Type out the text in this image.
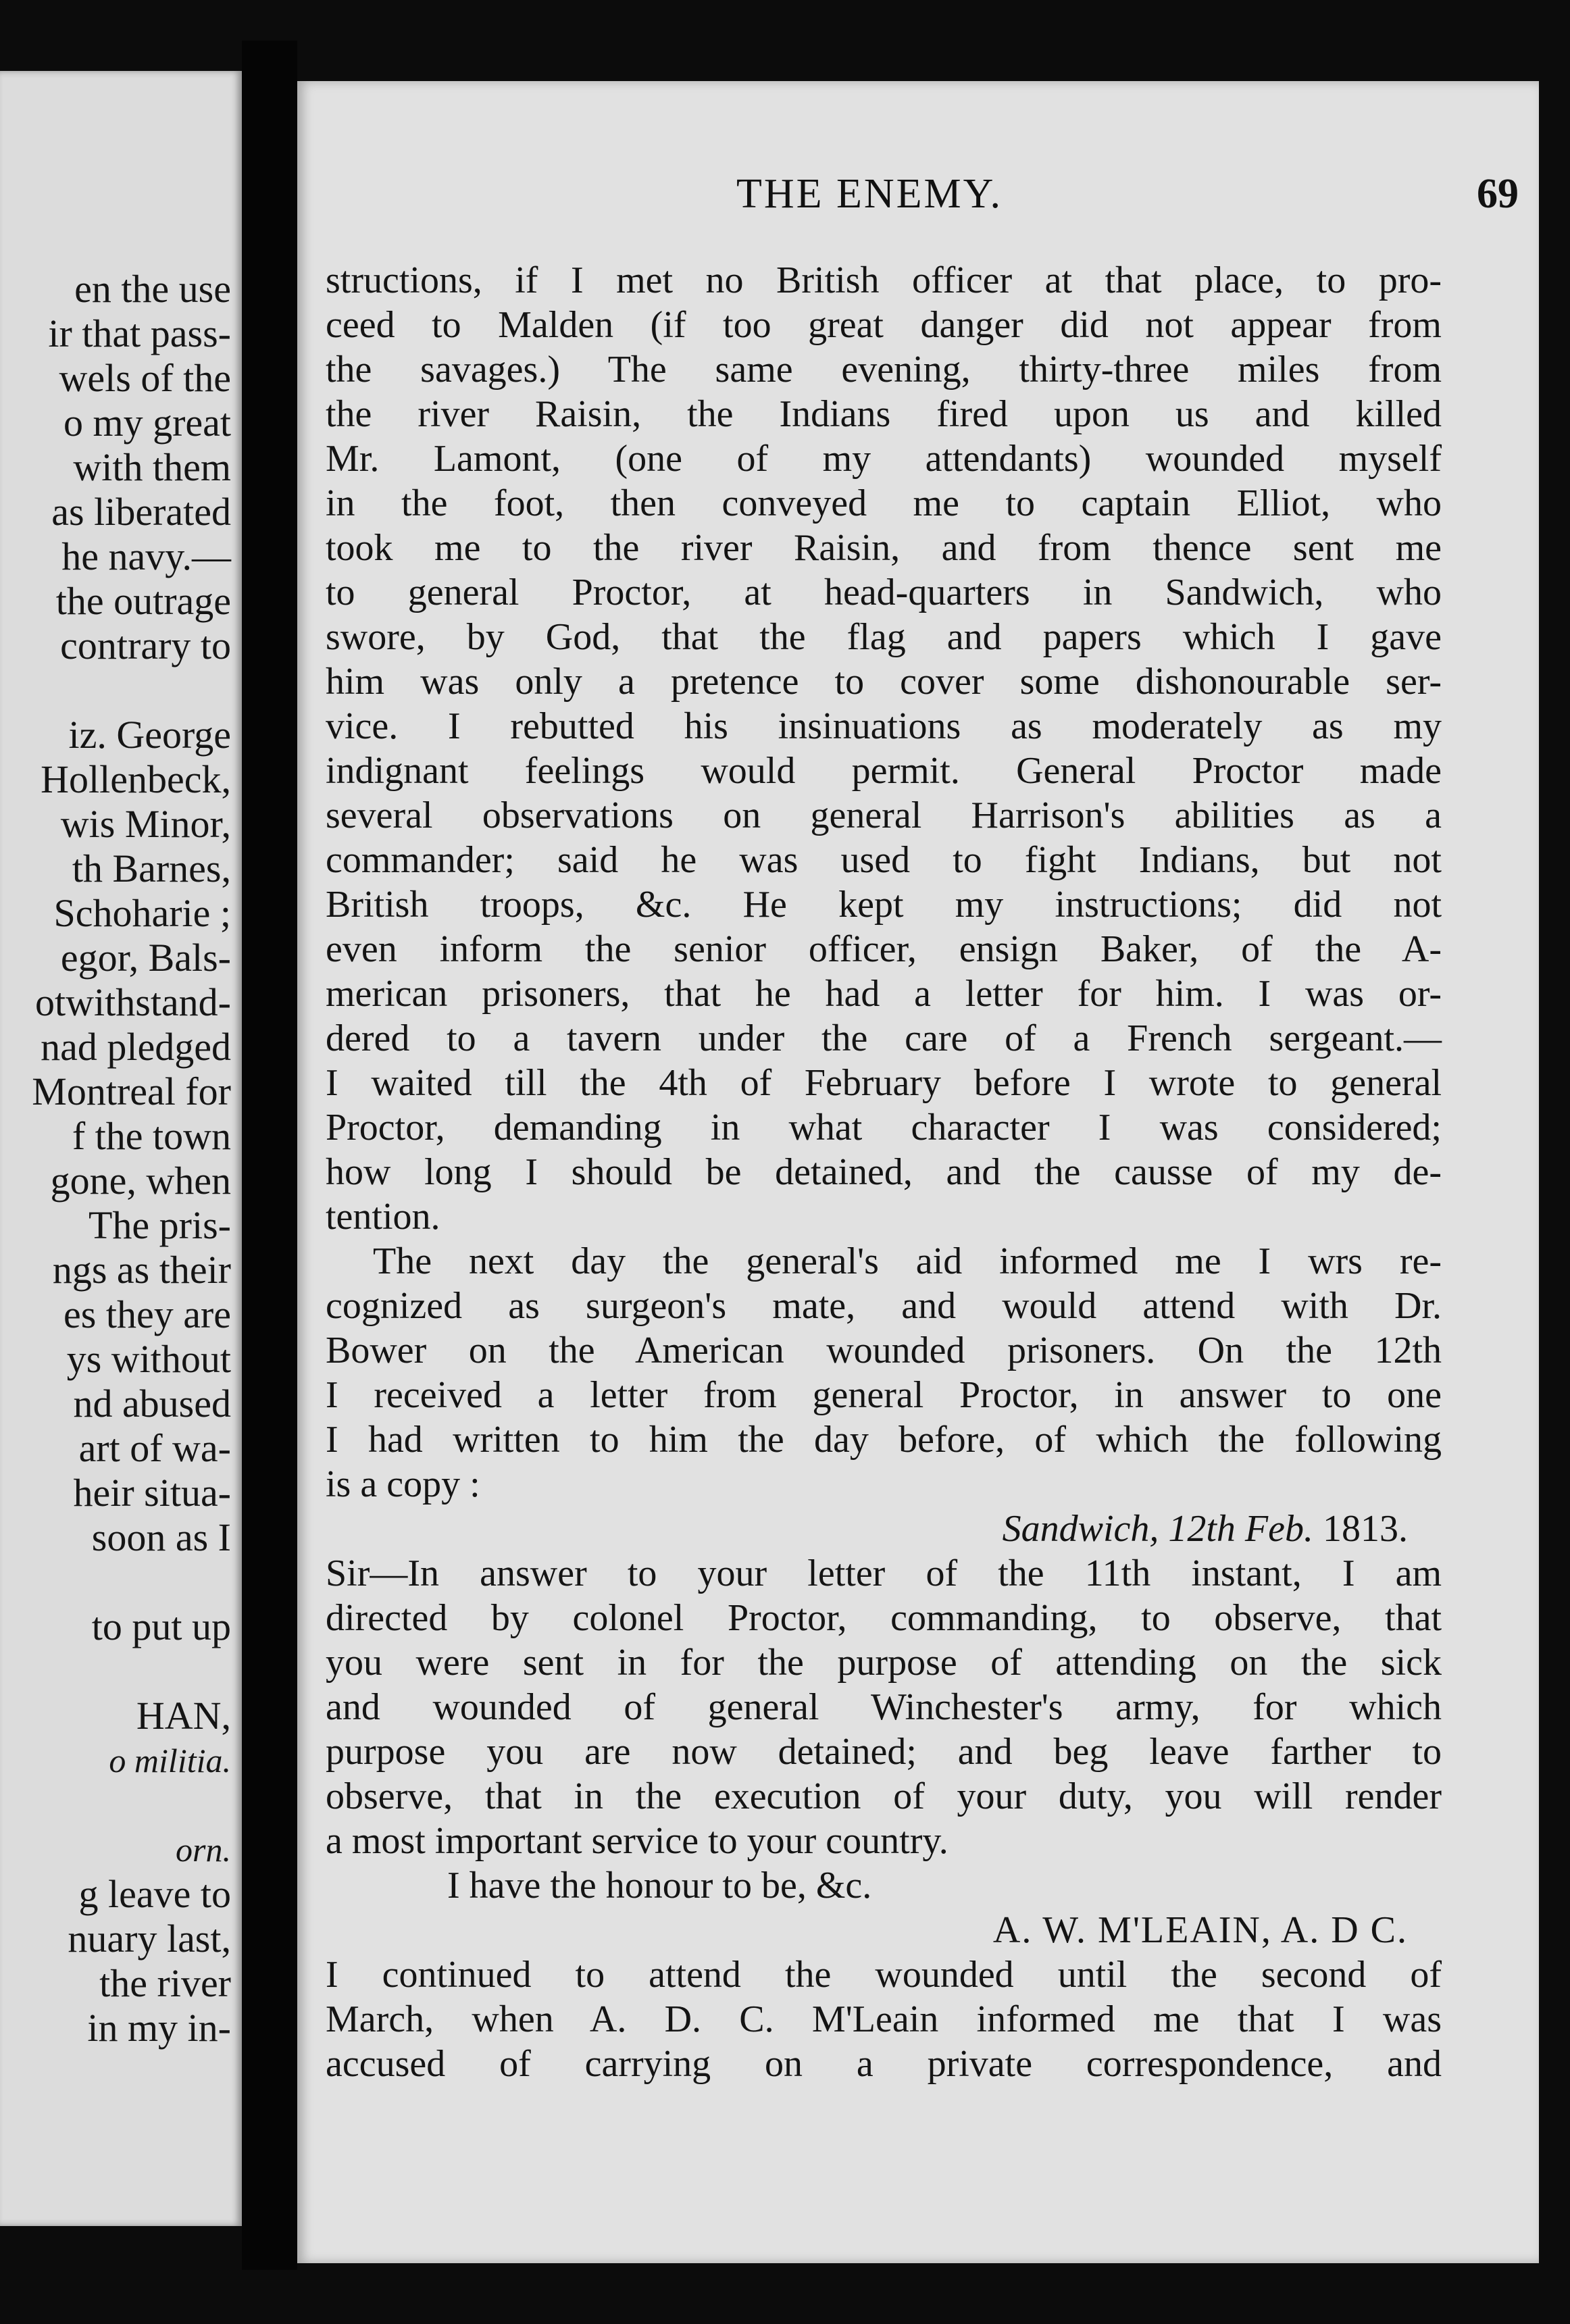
en the use
ir that pass-
wels of the
o my great
with them
as liberated
he navy.—
the outrage
contrary to
iz. George
Hollenbeck,
wis Minor,
th Barnes,
Schoharie ;
egor, Bals-
otwithstand-
nad pledged
Montreal for
f the town
gone, when
The pris-
ngs as their
es they are
ys without
nd abused
art of wa-
heir situa-
soon as I
to put up
HAN,
o militia.
orn.
g leave to
nuary last,
the river
in my in-
THE ENEMY.	69
structions, if I met no British officer at that place, to pro-
ceed to Malden (if too great danger did not appear from
the savages.) The same evening, thirty-three miles from
the river Raisin, the Indians fired upon us and killed
Mr. Lamont, (one of my attendants) wounded myself
in the foot, then conveyed me to captain Elliot, who
took me to the river Raisin, and from thence sent me
to general Proctor, at head-quarters in Sandwich, who
swore, by God, that the flag and papers which I gave
him was only a pretence to cover some dishonourable ser-
vice. I rebutted his insinuations as moderately as my
indignant feelings would permit. General Proctor made
several observations on general Harrison's abilities as a
commander; said he was used to fight Indians, but not
British troops, &c. He kept my instructions; did not
even inform the senior officer, ensign Baker, of the A-
merican prisoners, that he had a letter for him. I was or-
dered to a tavern under the care of a French sergeant.—
I waited till the 4th of February before I wrote to general
Proctor, demanding in what character I was considered;
how long I should be detained, and the causse of my de-
tention.
The next day the general's aid informed me I wrs re-
cognized as surgeon's mate, and would attend with Dr.
Bower on the American wounded prisoners. On the 12th
I received a letter from general Proctor, in answer to one
I had written to him the day before, of which the following
is a copy :
Sandwich, 12th Feb. 1813.
Sir—In answer to your letter of the 11th instant, I am
directed by colonel Proctor, commanding, to observe, that
you were sent in for the purpose of attending on the sick
and wounded of general Winchester's army, for which
purpose you are now detained; and beg leave farther to
observe, that in the execution of your duty, you will render
a most important service to your country.
I have the honour to be, &c.
A. W. M'LEAIN, A. D C.
I continued to attend the wounded until the second of
March, when A. D. C. M'Leain informed me that I was
accused of carrying on a private correspondence, and
